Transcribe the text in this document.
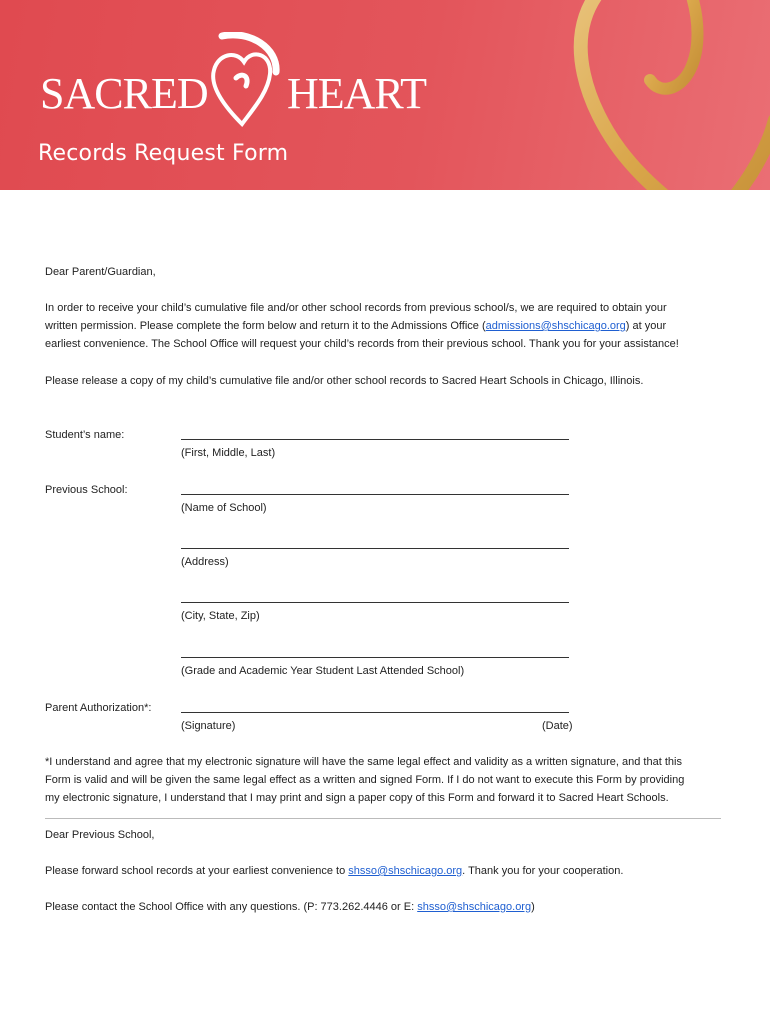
SACRED HEART
Records Request Form

Dear Parent/Guardian,

In order to receive your child’s cumulative file and/or other school records from previous school/s, we are required to obtain your

written permission. Please complete the form below and return it to the Admissions Office (admissions@shschicago.org) at your

earliest convenience. The School Office will request your child’s records from their previous school. Thank you for your assistance!

Please release a copy of my child’s cumulative file and/or other school records to Sacred Heart Schools in Chicago, Illinois.

Student’s name:
(First, Middle, Last)
Previous School:
(Name of School)
(Address)
(City, State, Zip)
(Grade and Academic Year Student Last Attended School)
Parent Authorization*:
(Signature)	(Date)

*I understand and agree that my electronic signature will have the same legal effect and validity as a written signature, and that this

Form is valid and will be given the same legal effect as a written and signed Form. If I do not want to execute this Form by providing

my electronic signature, I understand that I may print and sign a paper copy of this Form and forward it to Sacred Heart Schools.

Dear Previous School,

Please forward school records at your earliest convenience to shsso@shschicago.org. Thank you for your cooperation.

Please contact the School Office with any questions. (P: 773.262.4446 or E: shsso@shschicago.org)
